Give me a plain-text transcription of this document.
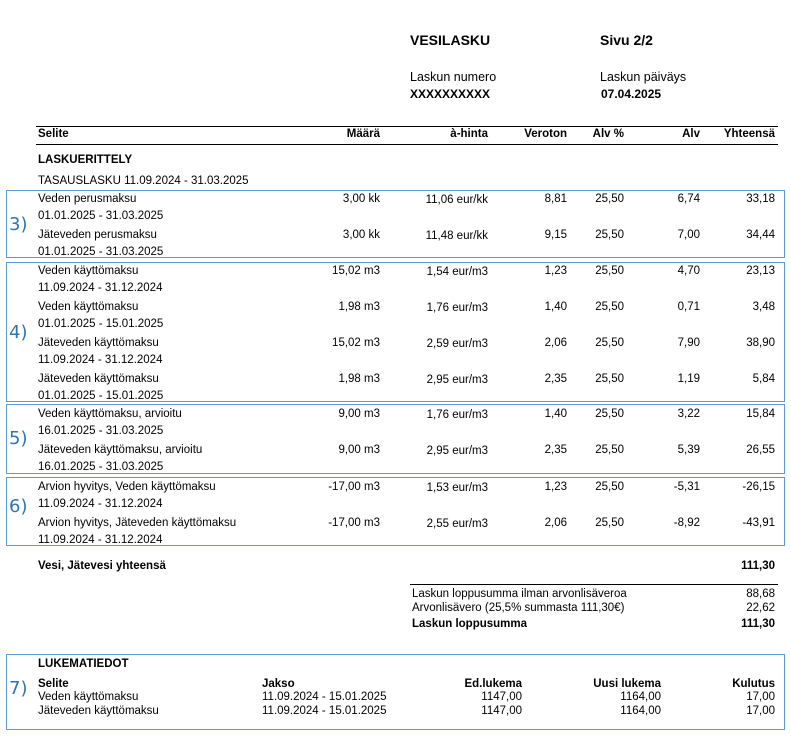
VESILASKU	Sivu 2/2
Laskun numero
XXXXXXXXXX
Laskun päiväys
07.04.2025
Selite	Määrä	à-hinta	Veroton Alv %	Alv Yhteensä
LASKUERITTELY
TASAUSLASKU 11.09.2024 - 31.03.2025
3)
4)
5)
6)
7)
Veden perusmaksu
01.01.2025 - 31.03.2025
3,00 kk	11,06 eur/kk	8,81 25,50	6,74	33,18
Jäteveden perusmaksu
01.01.2025 - 31.03.2025
3,00 kk	11,48 eur/kk	9,15 25,50	7,00	34,44
Veden käyttömaksu
11.09.2024 - 31.12.2024
15,02 m3	1,54 eur/m3	1,23 25,50	4,70	23,13
Veden käyttömaksu
01.01.2025 - 15.01.2025
1,98 m3	1,76 eur/m3	1,40 25,50	0,71	3,48
Jäteveden käyttömaksu
11.09.2024 - 31.12.2024
15,02 m3	2,59 eur/m3	2,06 25,50	7,90	38,90
Jäteveden käyttömaksu
01.01.2025 - 15.01.2025
1,98 m3	2,95 eur/m3	2,35 25,50	1,19	5,84
Veden käyttömaksu, arvioitu
16.01.2025 - 31.03.2025
9,00 m3	1,76 eur/m3	1,40 25,50	3,22	15,84
Jäteveden käyttömaksu, arvioitu
16.01.2025 - 31.03.2025
9,00 m3	2,95 eur/m3	2,35 25,50	5,39	26,55
Arvion hyvitys, Veden käyttömaksu
11.09.2024 - 31.12.2024
-17,00 m3	1,53 eur/m3	1,23 25,50	-5,31	-26,15
Arvion hyvitys, Jäteveden käyttömaksu
11.09.2024 - 31.12.2024
-17,00 m3	2,55 eur/m3	2,06 25,50	-8,92	-43,91
Vesi, Jätevesi yhteensä	111,30
Laskun loppusumma ilman arvonlisäveroa	88,68
Arvonlisävero (25,5% summasta 111,30€)	22,62
Laskun loppusumma	111,30
LUKEMATIEDOT
Selite	Jakso	Ed.lukema	Uusi lukema	Kulutus
Veden käyttömaksu	11.09.2024 - 15.01.2025	1147,00	1164,00	17,00
Jäteveden käyttömaksu	11.09.2024 - 15.01.2025	1147,00	1164,00	17,00
